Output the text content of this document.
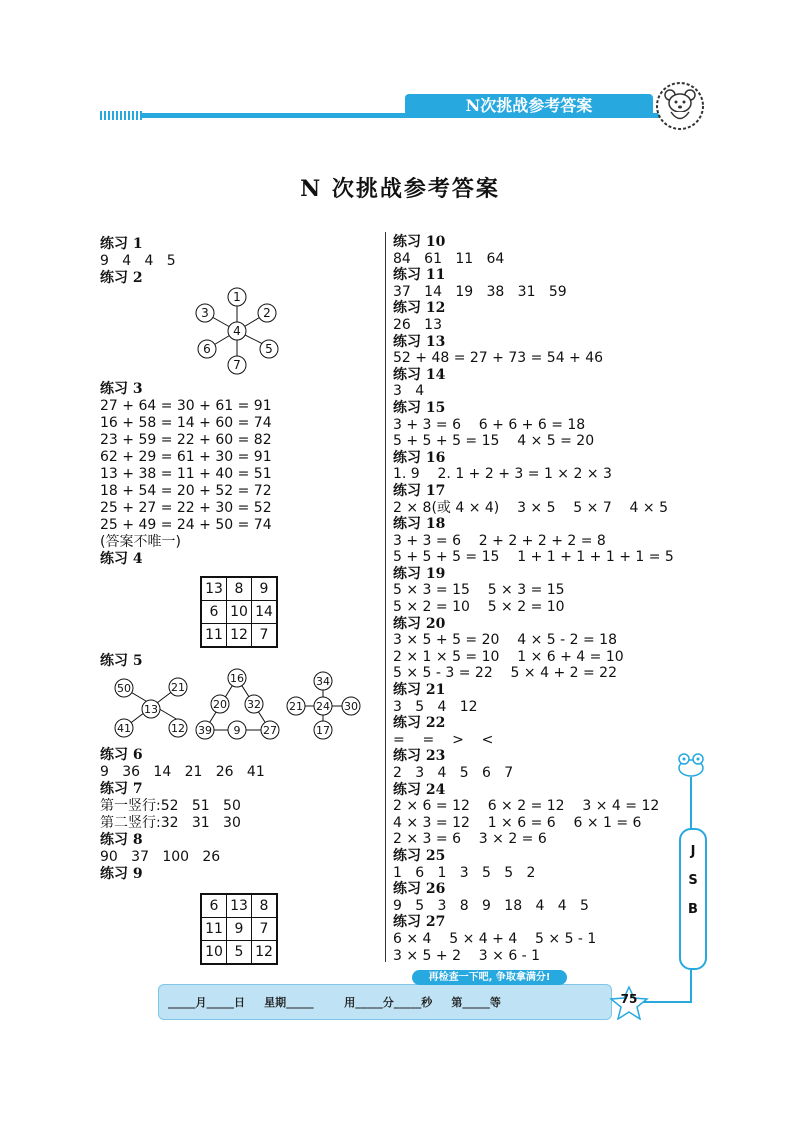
N次挑战参考答案
N 次挑战参考答案
练习 1
9   4   4   5
练习 2
4
1
2
5
7
6
3
练习 3
27 + 64 = 30 + 61 = 91
16 + 58 = 14 + 60 = 74
23 + 59 = 22 + 60 = 82
62 + 29 = 61 + 30 = 91
13 + 38 = 11 + 40 = 51
18 + 54 = 20 + 52 = 72
25 + 27 = 22 + 30 = 52
25 + 49 = 24 + 50 = 74
(答案不唯一)
练习 4
13	8	9
6	10	14
11	12	7
练习 5
50	21
13
41	12
16
20 32
39 9 27
34
21 24 30
17
练习 6
9   36   14   21   26   41
练习 7
第一竖行:52   51   50
第二竖行:32   31   30
练习 8
90   37   100   26
练习 9
6	13	8
11	9	7
10	5	12
练习 10
84   61   11   64
练习 11
37   14   19   38   31   59
练习 12
26   13
练习 13
52 + 48 = 27 + 73 = 54 + 46
练习 14
3   4
练习 15
3 + 3 = 6    6 + 6 + 6 = 18
5 + 5 + 5 = 15    4 × 5 = 20
练习 16
1. 9    2. 1 + 2 + 3 = 1 × 2 × 3
练习 17
2 × 8(或 4 × 4)    3 × 5    5 × 7    4 × 5
练习 18
3 + 3 = 6    2 + 2 + 2 + 2 = 8
5 + 5 + 5 = 15    1 + 1 + 1 + 1 + 1 = 5
练习 19
5 × 3 = 15    5 × 3 = 15
5 × 2 = 10    5 × 2 = 10
练习 20
3 × 5 + 5 = 20    4 × 5 - 2 = 18
2 × 1 × 5 = 10    1 × 6 + 4 = 10
5 × 5 - 3 = 22    5 × 4 + 2 = 22
练习 21
3   5   4   12
练习 22
=    =    >    <
练习 23
2   3   4   5   6   7
练习 24
2 × 6 = 12    6 × 2 = 12    3 × 4 = 12
4 × 3 = 12    1 × 6 = 6    6 × 1 = 6
2 × 3 = 6    3 × 2 = 6
练习 25
1   6   1   3   5   5   2
练习 26
9   5   3   8   9   18   4   4   5
练习 27
6 × 4    5 × 4 + 4    5 × 5 - 1
3 × 5 + 2    3 × 6 - 1
J
S
B
再检查一下吧, 争取拿满分!
_____月_____日     星期_____        用_____分_____秒     第_____等	75
